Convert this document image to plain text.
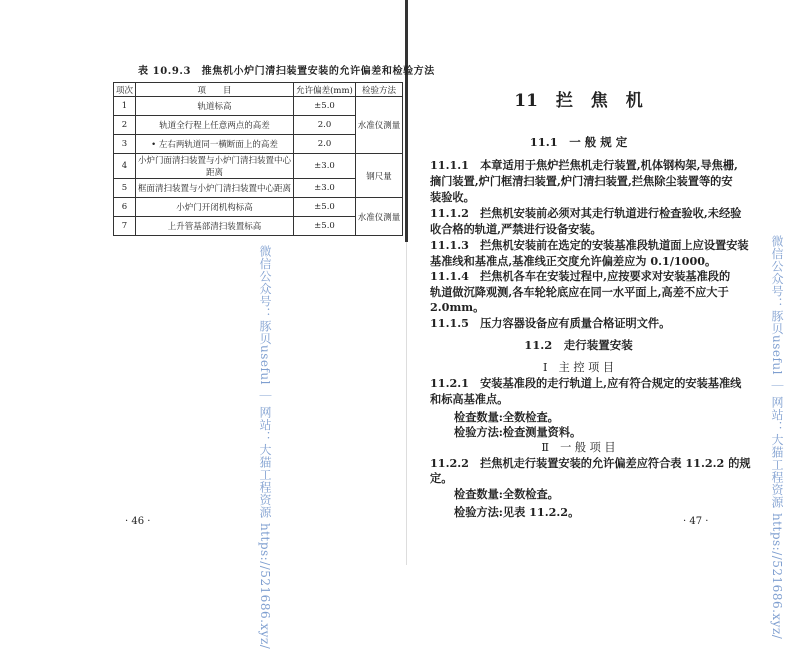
表 10.9.3　推焦机小炉门清扫装置安装的允许偏差和检验方法
项次	项　　目	允许偏差(mm)	检验方法
1	轨道标高	±5.0	水准仪测量
2	轨道全行程上任意两点的高差	2.0	
3	• 左右两轨道同一横断面上的高差	2.0	
4	小炉门面清扫装置与小炉门清扫装置中心距离	±3.0	钢尺量
5	框面清扫装置与小炉门清扫装置中心距离	±3.0	
6	小炉门开闭机构标高	±5.0	水准仪测量
7	上升管基部清扫装置标高	±5.0	
· 46 ·
11 拦 焦 机
11.1　一 般 规 定
11.1.1　本章适用于焦炉拦焦机走行装置,机体钢构架,导焦栅,
摘门装置,炉门框清扫装置,炉门清扫装置,拦焦除尘装置等的安
装验收。
11.1.2　拦焦机安装前必须对其走行轨道进行检查验收,未经验
收合格的轨道,严禁进行设备安装。
11.1.3　拦焦机安装前在选定的安装基准段轨道面上应设置安装
基准线和基准点,基准线正交度允许偏差应为 0.1/1000。
11.1.4　拦焦机各车在安装过程中,应按要求对安装基准段的
轨道做沉降观测,各车轮轮底应在同一水平面上,高差不应大于
2.0mm。
11.1.5　压力容器设备应有质量合格证明文件。
11.2　走行装置安装
Ⅰ　主 控 项 目
11.2.1　安装基准段的走行轨道上,应有符合规定的安装基准线
和标高基准点。
检查数量:全数检查。
检验方法:检查测量资料。
Ⅱ　一 般 项 目
11.2.2　拦焦机走行装置安装的允许偏差应符合表 11.2.2 的规
定。
检查数量:全数检查。
检验方法:见表 11.2.2。
· 47 ·
微信公众号：豚贝useful ｜ 网站：大猫工程资源 https://521686.xyz/	微信公众号：豚贝useful ｜ 网站：大猫工程资源 https://521686.xyz/
